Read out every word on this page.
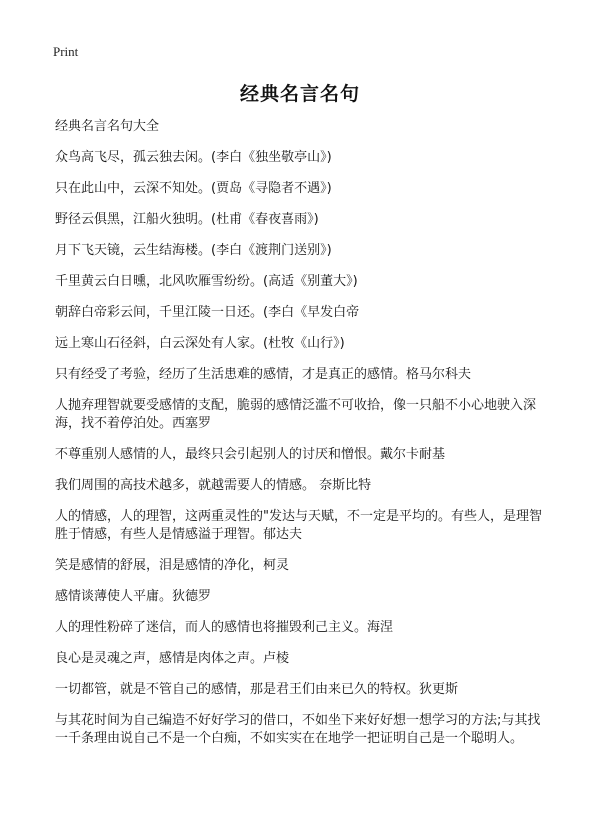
Print
经典名言名句

经典名言名句大全

众鸟高飞尽，孤云独去闲。(李白《独坐敬亭山》)

只在此山中，云深不知处。(贾岛《寻隐者不遇》)

野径云俱黑，江船火独明。(杜甫《春夜喜雨》)

月下飞天镜，云生结海楼。(李白《渡荆门送别》)

千里黄云白日曛，北风吹雁雪纷纷。(高适《别董大》)

朝辞白帝彩云间，千里江陵一日还。(李白《早发白帝

远上寒山石径斜，白云深处有人家。(杜牧《山行》)

只有经受了考验，经历了生活患难的感情，才是真正的感情。格马尔科夫

人抛弃理智就要受感情的支配，脆弱的感情泛滥不可收拾，像一只船不小心地驶入深海，找不着停泊处。西塞罗

不尊重别人感情的人，最终只会引起别人的讨厌和憎恨。戴尔卡耐基

我们周围的高技术越多，就越需要人的情感。 奈斯比特

人的情感，人的理智，这两重灵性的"发达与天赋，不一定是平均的。有些人，是理智胜于情感，有些人是情感溢于理智。郁达夫

笑是感情的舒展，泪是感情的净化，柯灵

感情谈薄使人平庸。狄德罗

人的理性粉碎了迷信，而人的感情也将摧毁利己主义。海涅

良心是灵魂之声，感情是肉体之声。卢棱

一切都管，就是不管自己的感情，那是君王们由来已久的特权。狄更斯

与其花时间为自己编造不好好学习的借口，不如坐下来好好想一想学习的方法;与其找一千条理由说自己不是一个白痴，不如实实在在地学一把证明自己是一个聪明人。
